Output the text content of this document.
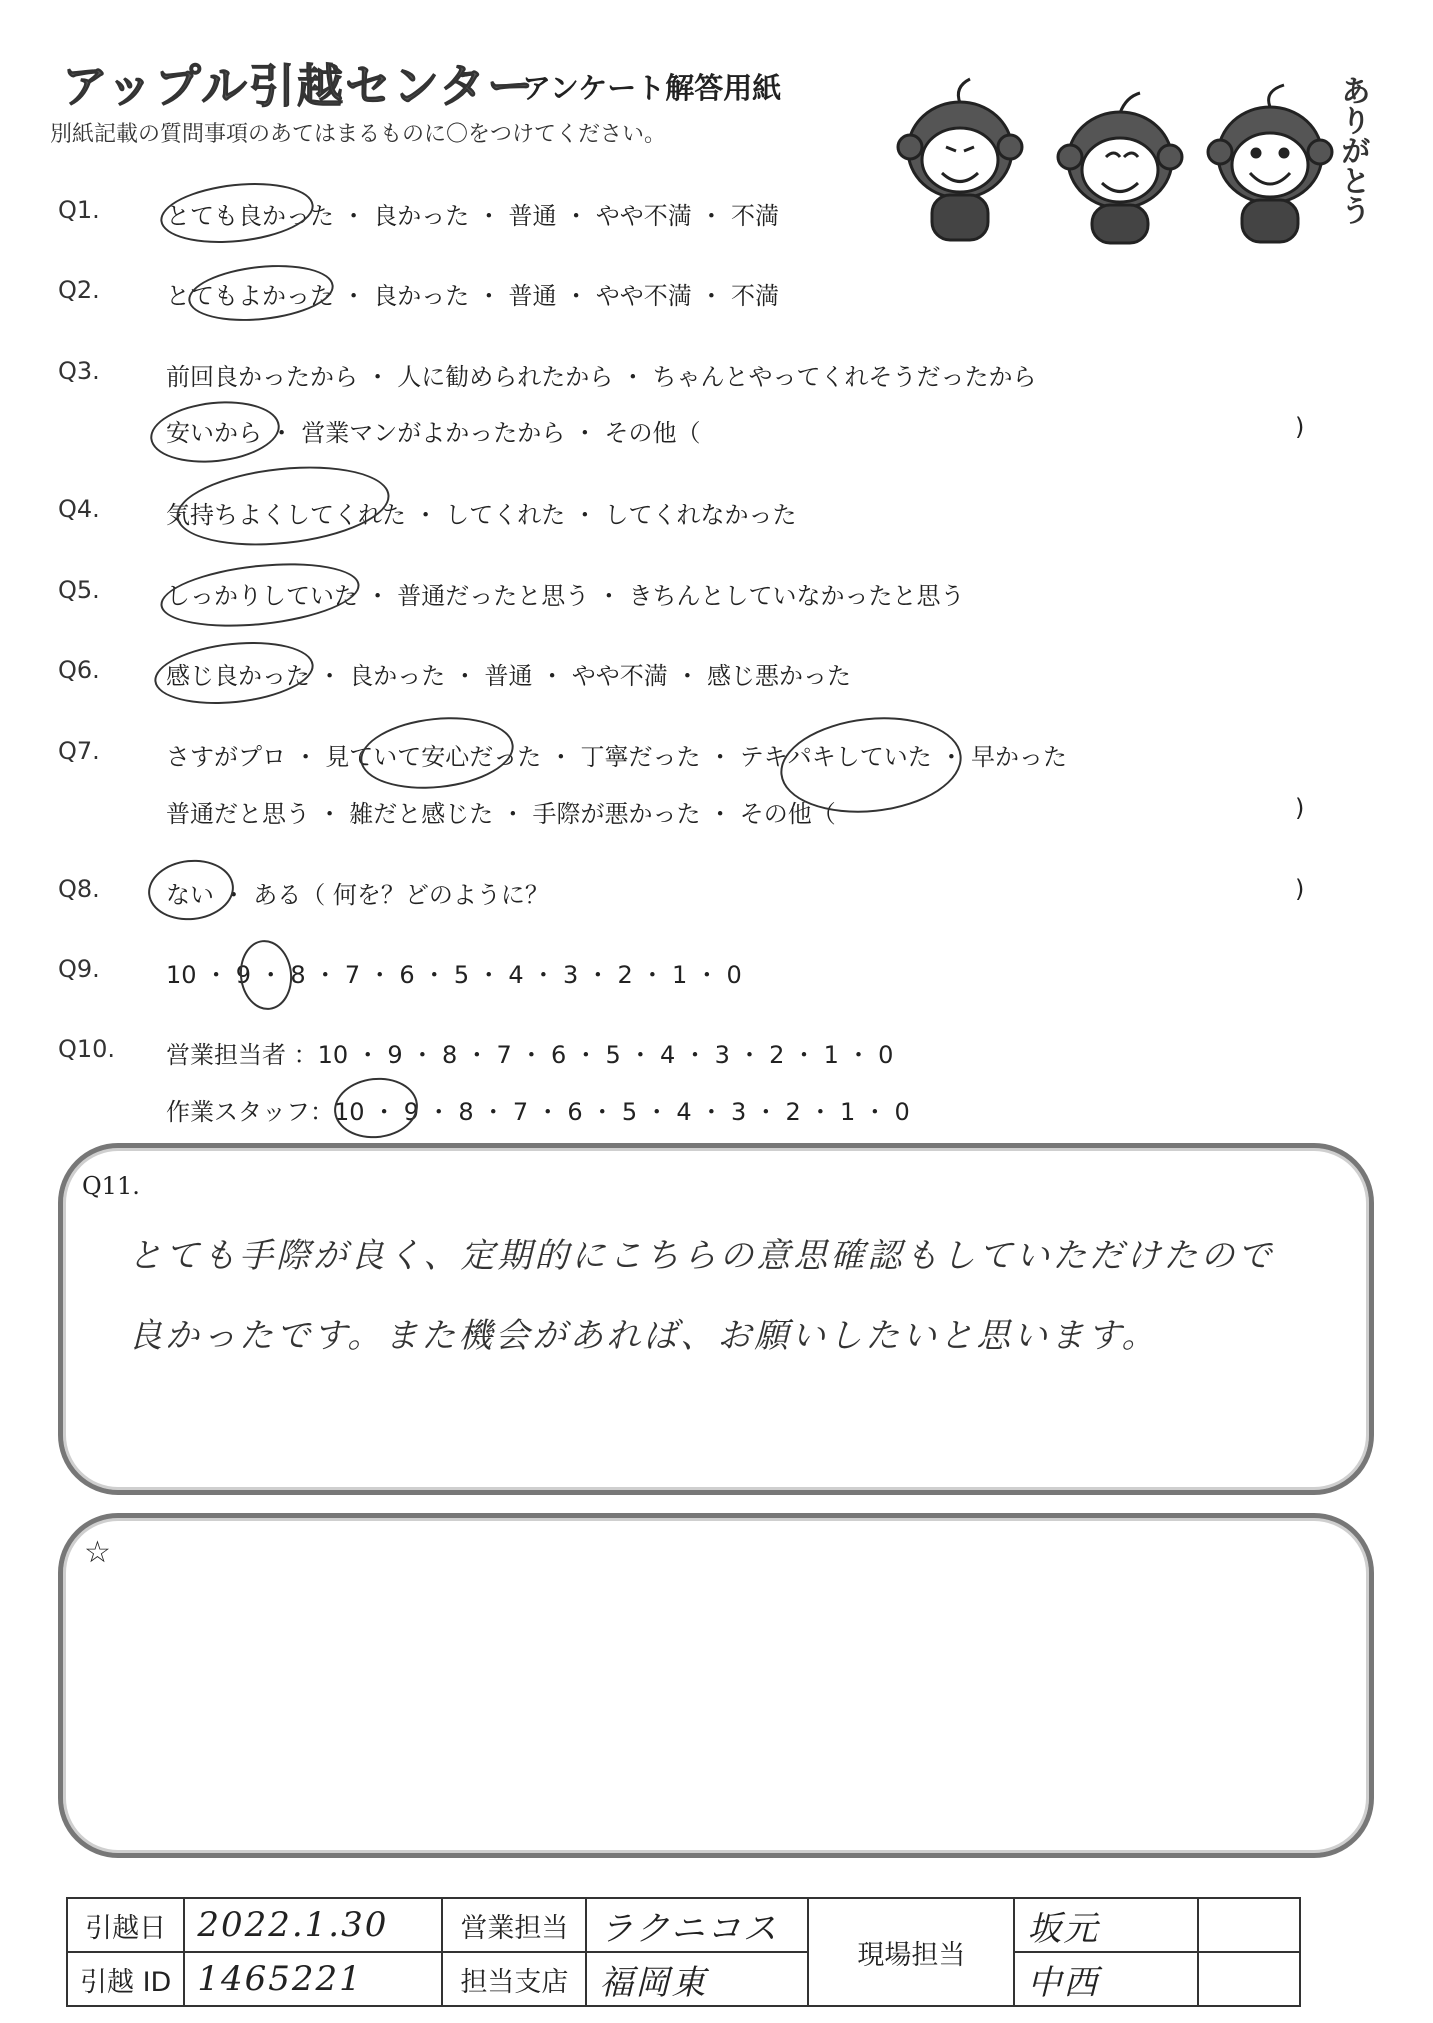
アップル引越センター
アンケート解答用紙
別紙記載の質問事項のあてはまるものに〇をつけてください。	ありがとう
Q1.	とても良かった ・ 良かった ・ 普通 ・ やや不満 ・ 不満
Q2.	とてもよかった ・ 良かった ・ 普通 ・ やや不満 ・ 不満
Q3.	前回良かったから ・ 人に勧められたから ・ ちゃんとやってくれそうだったから
安いから ・ 営業マンがよかったから ・ その他（	)
Q4.	気持ちよくしてくれた ・ してくれた ・ してくれなかった
Q5.	しっかりしていた ・ 普通だったと思う ・ きちんとしていなかったと思う
Q6.	感じ良かった ・ 良かった ・ 普通 ・ やや不満 ・ 感じ悪かった
Q7.	さすがプロ ・ 見ていて安心だった ・ 丁寧だった ・ テキパキしていた ・ 早かった
普通だと思う ・ 雑だと感じた ・ 手際が悪かった ・ その他（	)
Q8.	ない ・ ある（ 何を？どのように？	)
Q9.	10 ・ 9 ・ 8 ・ 7 ・ 6 ・ 5 ・ 4 ・ 3 ・ 2 ・ 1 ・ 0
Q10. 営業担当者 ：10 ・ 9 ・ 8 ・ 7 ・ 6 ・ 5 ・ 4 ・ 3 ・ 2 ・ 1 ・ 0
作業スタッフ：10 ・ 9 ・ 8 ・ 7 ・ 6 ・ 5 ・ 4 ・ 3 ・ 2 ・ 1 ・ 0
Q11.
とても手際が良く、定期的にこちらの意思確認もしていただけたので
良かったです。また機会があれば、お願いしたいと思います。
☆
引越日	2022.1.30	営業担当	ラクニコス	現場担当	坂元	
引越 ID	1465221	担当支店	福岡東		中西	
